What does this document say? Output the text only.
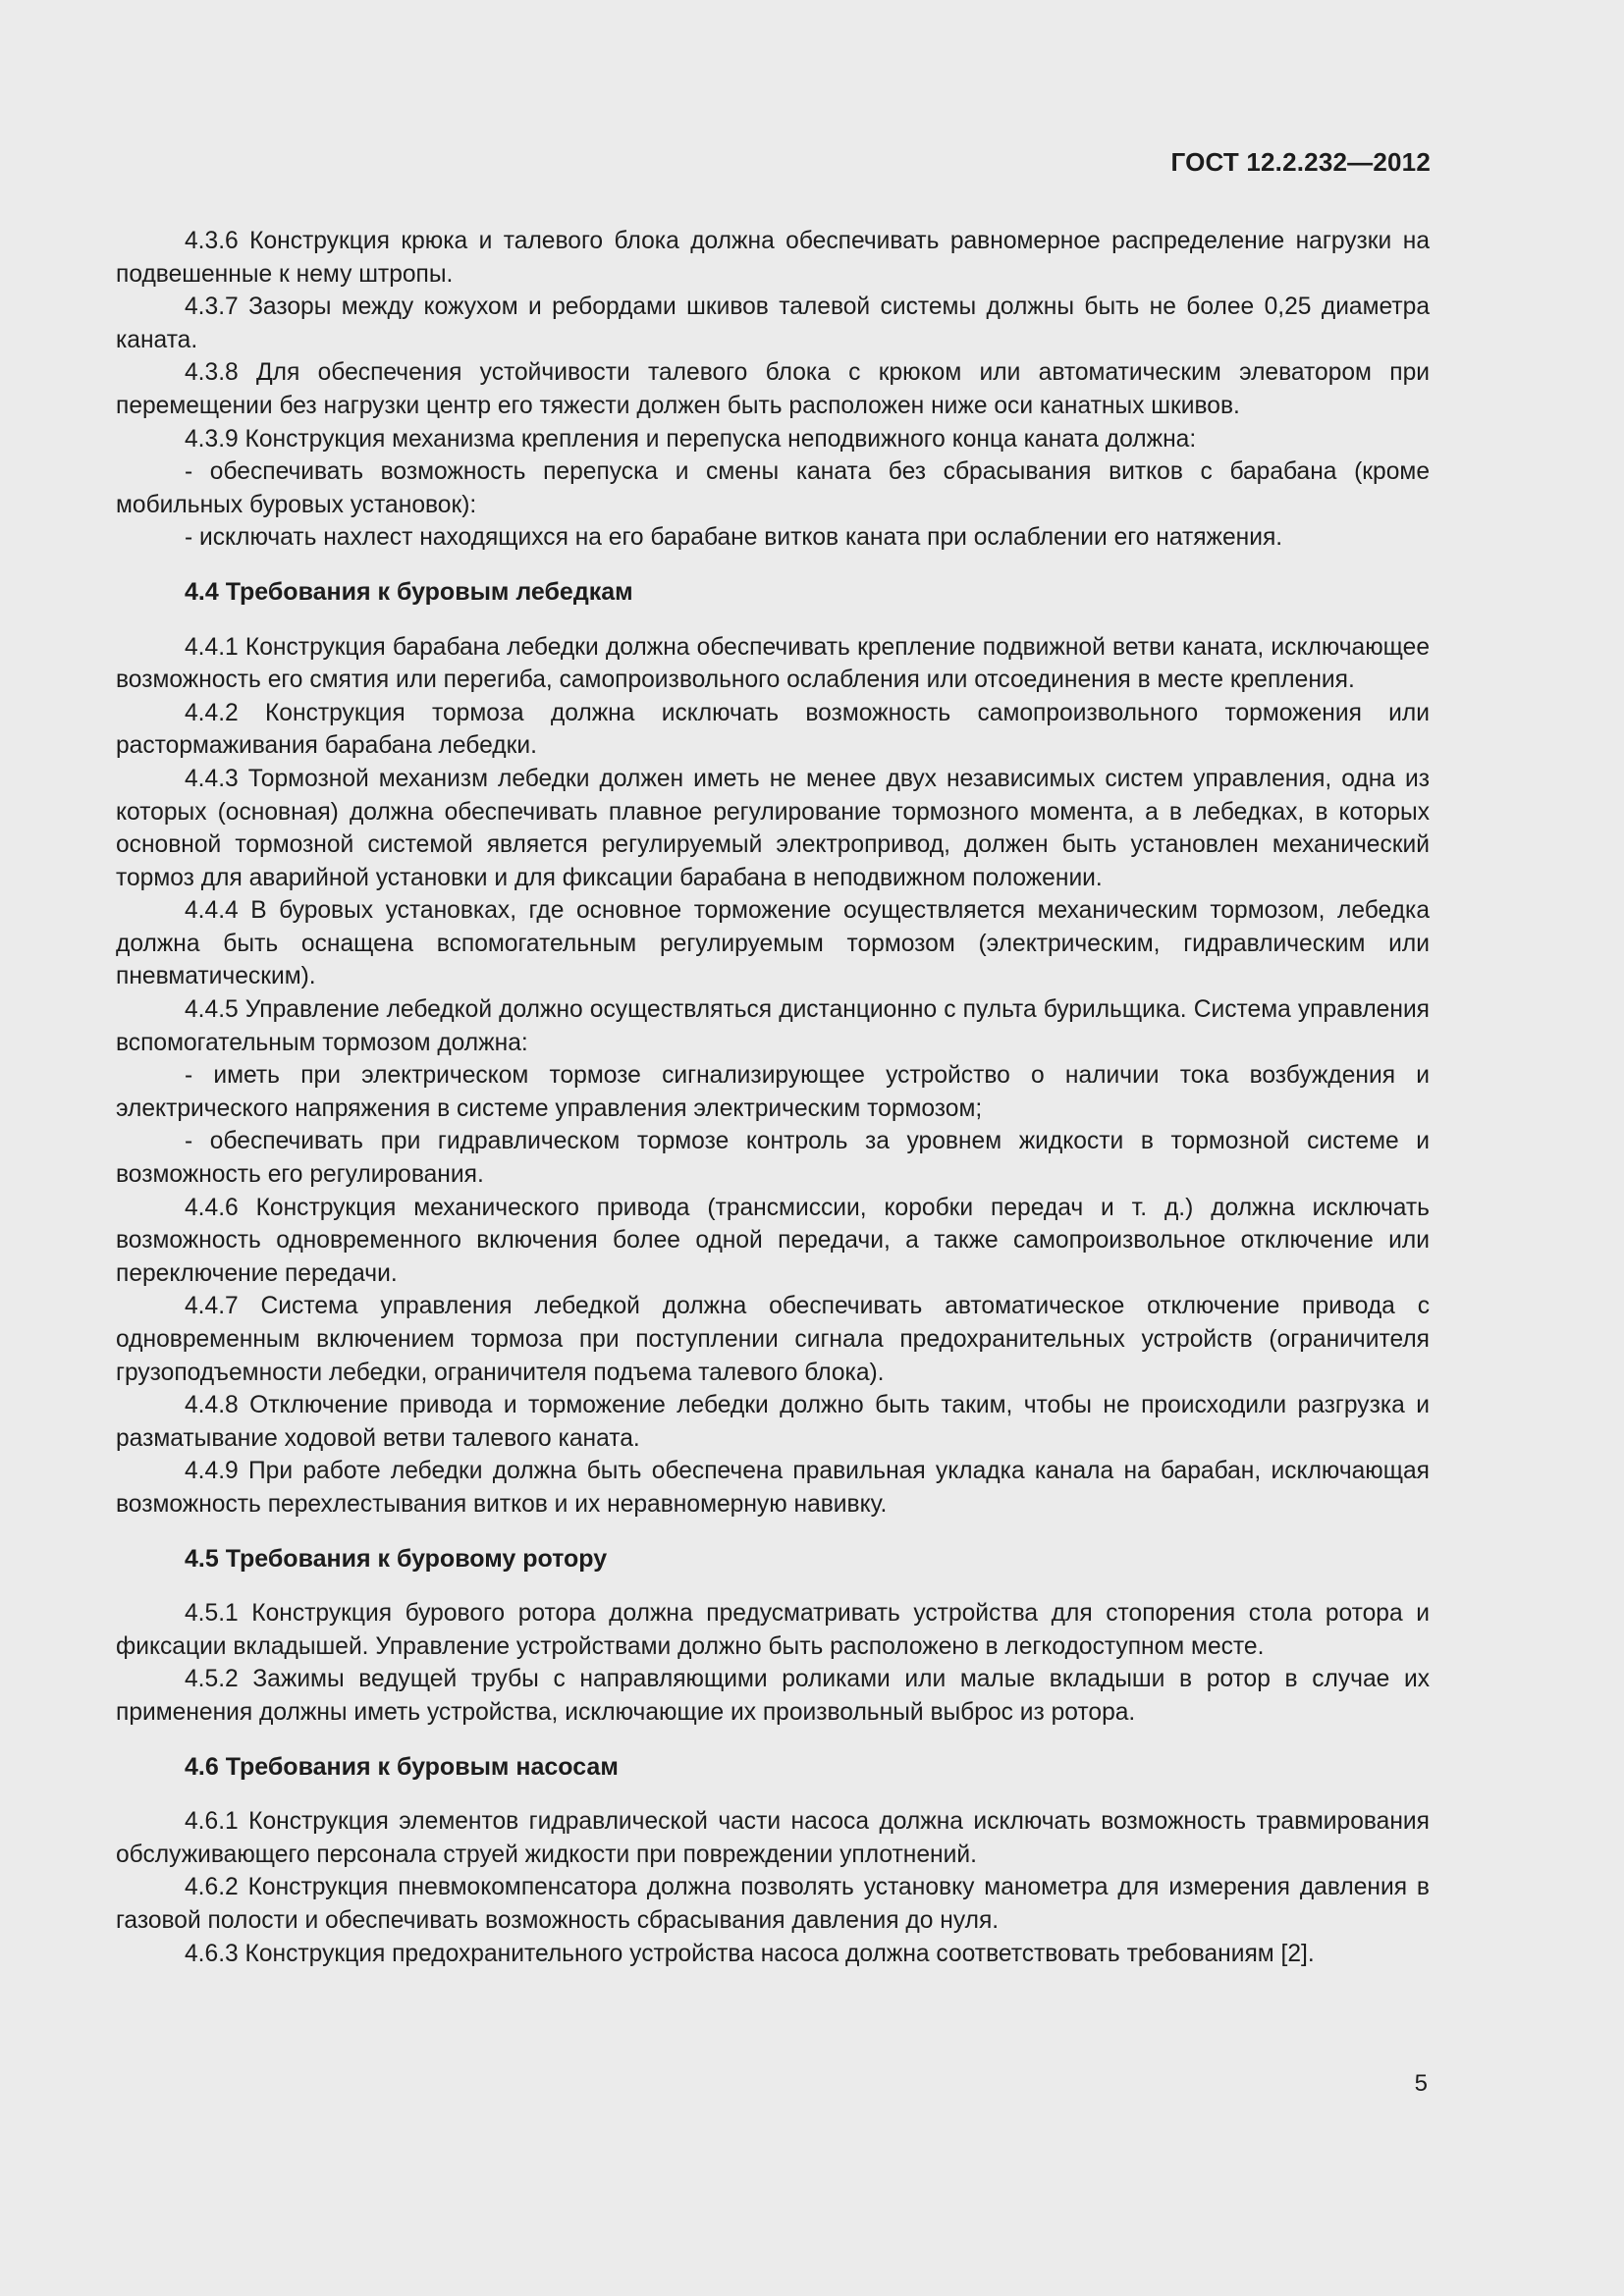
ГОСТ 12.2.232—2012

4.3.6 Конструкция крюка и талевого блока должна обеспечивать равномерное распределение нагрузки на подвешенные к нему штропы.

4.3.7 Зазоры между кожухом и ребордами шкивов талевой системы должны быть не более 0,25 диаметра каната.

4.3.8 Для обеспечения устойчивости талевого блока с крюком или автоматическим элеватором при перемещении без нагрузки центр его тяжести должен быть расположен ниже оси канатных шкивов.

4.3.9 Конструкция механизма крепления и перепуска неподвижного конца каната должна:

- обеспечивать возможность перепуска и смены каната без сбрасывания витков с барабана (кроме мобильных буровых установок):

- исключать нахлест находящихся на его барабане витков каната при ослаблении его натяжения.

4.4 Требования к буровым лебедкам

4.4.1 Конструкция барабана лебедки должна обеспечивать крепление подвижной ветви каната, исключающее возможность его смятия или перегиба, самопроизвольного ослабления или отсоединения в месте крепления.

4.4.2 Конструкция тормоза должна исключать возможность самопроизвольного торможения или растормаживания барабана лебедки.

4.4.3 Тормозной механизм лебедки должен иметь не менее двух независимых систем управления, одна из которых (основная) должна обеспечивать плавное регулирование тормозного момента, а в лебедках, в которых основной тормозной системой является регулируемый электропривод, должен быть установлен механический тормоз для аварийной установки и для фиксации барабана в неподвижном положении.

4.4.4 В буровых установках, где основное торможение осуществляется механическим тормозом, лебедка должна быть оснащена вспомогательным регулируемым тормозом (электрическим, гидравлическим или пневматическим).

4.4.5 Управление лебедкой должно осуществляться дистанционно с пульта бурильщика. Система управления вспомогательным тормозом должна:

- иметь при электрическом тормозе сигнализирующее устройство о наличии тока возбуждения и электрического напряжения в системе управления электрическим тормозом;

- обеспечивать при гидравлическом тормозе контроль за уровнем жидкости в тормозной системе и возможность его регулирования.

4.4.6 Конструкция механического привода (трансмиссии, коробки передач и т. д.) должна исключать возможность одновременного включения более одной передачи, а также самопроизвольное отключение или переключение передачи.

4.4.7 Система управления лебедкой должна обеспечивать автоматическое отключение привода с одновременным включением тормоза при поступлении сигнала предохранительных устройств (ограничителя грузоподъемности лебедки, ограничителя подъема талевого блока).

4.4.8 Отключение привода и торможение лебедки должно быть таким, чтобы не происходили разгрузка и разматывание ходовой ветви талевого каната.

4.4.9 При работе лебедки должна быть обеспечена правильная укладка канала на барабан, исключающая возможность перехлестывания витков и их неравномерную навивку.

4.5 Требования к буровому ротору

4.5.1 Конструкция бурового ротора должна предусматривать устройства для стопорения стола ротора и фиксации вкладышей. Управление устройствами должно быть расположено в легкодоступном месте.

4.5.2 Зажимы ведущей трубы с направляющими роликами или малые вкладыши в ротор в случае их применения должны иметь устройства, исключающие их произвольный выброс из ротора.

4.6 Требования к буровым насосам

4.6.1 Конструкция элементов гидравлической части насоса должна исключать возможность травмирования обслуживающего персонала струей жидкости при повреждении уплотнений.

4.6.2 Конструкция пневмокомпенсатора должна позволять установку манометра для измерения давления в газовой полости и обеспечивать возможность сбрасывания давления до нуля.

4.6.3 Конструкция предохранительного устройства насоса должна соответствовать требованиям [2].

5
